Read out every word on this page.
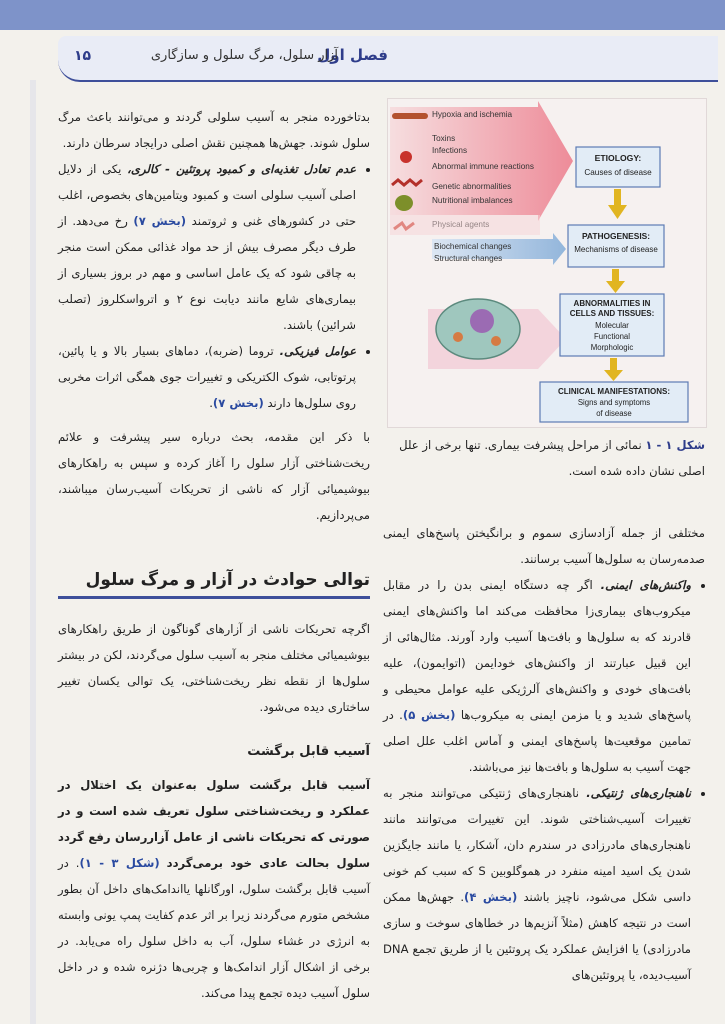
فصل اول
آزار سلول، مرگ سلول و سازگاری
۱۵
Hypoxia and ischemia
Toxins
Infections
Abnormal immune reactions
Genetic abnormalities
Nutritional imbalances
ETIOLOGY:
Causes of disease
Biochemical changes
Structural changes
PATHOGENESIS:
Mechanisms of disease
ABNORMALITIES IN
CELLS AND TISSUES:
Molecular
Functional
Morphologic
CLINICAL MANIFESTATIONS:
Signs and symptoms
of disease
شکل ۱ - ۱ نمائی از مراحل پیشرفت بیماری. تنها برخی از علل اصلی نشان داده شده است.

مختلفی از جمله آزادسازی سموم و برانگیختن پاسخ‌های ایمنی صدمه‌رسان به سلول‌ها آسیب برسانند.

• واکنش‌های ایمنی. اگر چه دستگاه ایمنی بدن را در مقابل میکروب‌های بیماری‌زا محافظت می‌کند اما واکنش‌های ایمنی قادرند که به سلول‌ها و بافت‌ها آسیب وارد آورند. مثال‌هائی از این قبیل عبارتند از واکنش‌های خودایمن (اتوایمون)، علیه بافت‌های خودی و واکنش‌های آلرژیکی علیه عوامل محیطی و پاسخ‌های شدید و یا مزمن ایمنی به میکروب‌ها (بخش ۵). در تمامین موقعیت‌ها پاسخ‌های ایمنی و آماس اغلب علل اصلی جهت آسیب به سلول‌ها و بافت‌ها نیز می‌باشند.
• ناهنجاری‌های ژنتیکی. ناهنجاری‌های ژنتیکی می‌توانند منجر به تغییرات آسیب‌شناختی شوند. این تغییرات می‌توانند مانند ناهنجاری‌های مادرزادی در سندرم دان، آشکار، یا مانند جایگزین شدن یک اسید امینه منفرد در هموگلوبین S که سبب کم خونی داسی شکل می‌شود، ناچیز باشند (بخش ۴). جهش‌ها ممکن است در نتیجه کاهش (مثلاً آنزیم‌ها در خطاهای سوخت و سازی مادرزادی) یا افزایش عملکرد یک پروتئین یا از طریق تجمع DNA آسیب‌دیده، یا پروتئین‌های

بدتاخورده منجر به آسیب سلولی گردند و می‌توانند باعث مرگ سلول شوند. جهش‌ها همچنین نقش اصلی درایجاد سرطان دارند.

• عدم تعادل تغذیه‌ای و کمبود پروتئین - کالری، یکی از دلایل اصلی آسیب سلولی است و کمبود ویتامین‌های بخصوص، اغلب حتی در کشورهای غنی و ثروتمند (بخش ۷) رخ می‌دهد. از طرف دیگر مصرف بیش از حد مواد غذائی ممکن است منجر به چاقی شود که یک عامل اساسی و مهم در بروز بسیاری از بیماری‌های شایع مانند دیابت نوع ۲ و اترواسکلروز (تصلب شرائین) باشند.
• عوامل فیزیکی. تروما (ضربه)، دماهای بسیار بالا و یا پائین، پرتوتابی، شوک الکتریکی و تغییرات جوی همگی اثرات مخربی روی سلول‌ها دارند (بخش ۷).

با ذکر این مقدمه، بحث درباره سیر پیشرفت و علائم ریخت‌شناختی آزار سلول را آغاز کرده و سپس به راهکارهای بیوشیمیائی آزار که ناشی از تحریکات آسیب‌رسان میباشند، می‌پردازیم.

توالی حوادث در آزار و مرگ سلول

اگرچه تحریکات ناشی از آزارهای گوناگون از طریق راهکارهای بیوشیمیائی مختلف منجر به آسیب سلول می‌گردند، لکن در بیشتر سلول‌ها از نقطه نظر ریخت‌شناختی، یک توالی یکسان تغییر ساختاری دیده می‌شود.

آسیب قابل برگشت

آسیب قابل برگشت سلول به‌عنوان یک اختلال در عملکرد و ریخت‌شناختی سلول تعریف شده است و در صورتی که تحریکات ناشی از عامل آزاررسان رفع گردد سلول بحالت عادی خود برمی‌گردد (شکل ۳ - ۱). در آسیب قابل برگشت سلول، اورگانلها یااندامک‌های داخل آن بطور مشخص متورم می‌گردند زیرا بر اثر عدم کفایت پمپ یونی وابسته به انرژی در غشاء سلول، آب به داخل سلول راه می‌یابد. در برخی از اشکال آزار اندامک‌ها و چربی‌ها دژنره شده و در داخل سلول آسیب دیده تجمع پیدا می‌کند.
